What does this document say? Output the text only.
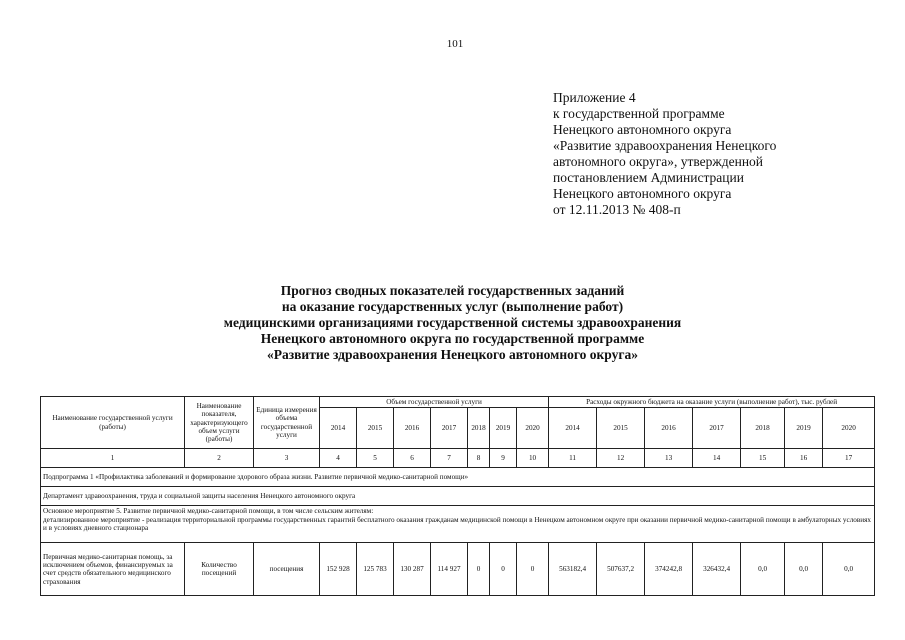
101
Приложение 4
к государственной программе
Ненецкого автономного округа
«Развитие здравоохранения Ненецкого
автономного округа», утвержденной
постановлением Администрации
Ненецкого автономного округа
от 12.11.2013 № 408-п
Прогноз сводных показателей государственных заданий
на оказание государственных услуг (выполнение работ)
медицинскими организациями государственной системы здравоохранения
Ненецкого автономного округа по государственной программе
«Развитие здравоохранения Ненецкого автономного округа»
Наименование государственной услуги (работы)	Наименование показателя, характеризующего объем услуги (работы)	Единица измерения объема государственной услуги	Объем государственной услуги							Расходы окружного бюджета на оказание услуги (выполнение работ), тыс. рублей						
			2014	2015	2016	2017	2018	2019	2020	2014	2015	2016	2017	2018	2019	2020
1	2	3	4	5	6	7	8	9	10	11	12	13	14	15	16	17
Подпрограмма 1 «Профилактика заболеваний и формирование здорового образа жизни. Развитие первичной медико-санитарной помощи»																
Департамент здравоохранения, труда и социальной защиты населения Ненецкого автономного округа																

Основное мероприятие 5. Развитие первичной медико-санитарной помощи, в том числе сельским жителям:
детализированное мероприятие - реализация территориальной программы государственных гарантий бесплатного оказания гражданам медицинской помощи в Ненецком автономном округе при оказании первичной медико-санитарной помощи в амбулаторных условиях и в условиях дневного стационара																

Первичная медико-санитарная помощь, за исключением объемов, финансируемых за счет средств обязательного медицинского страхования	Количество посещений	посещения	152 928	125 783	130 287	114 927	0	0	0	563182,4	507637,2	374242,8	326432,4	0,0	0,0	0,0
